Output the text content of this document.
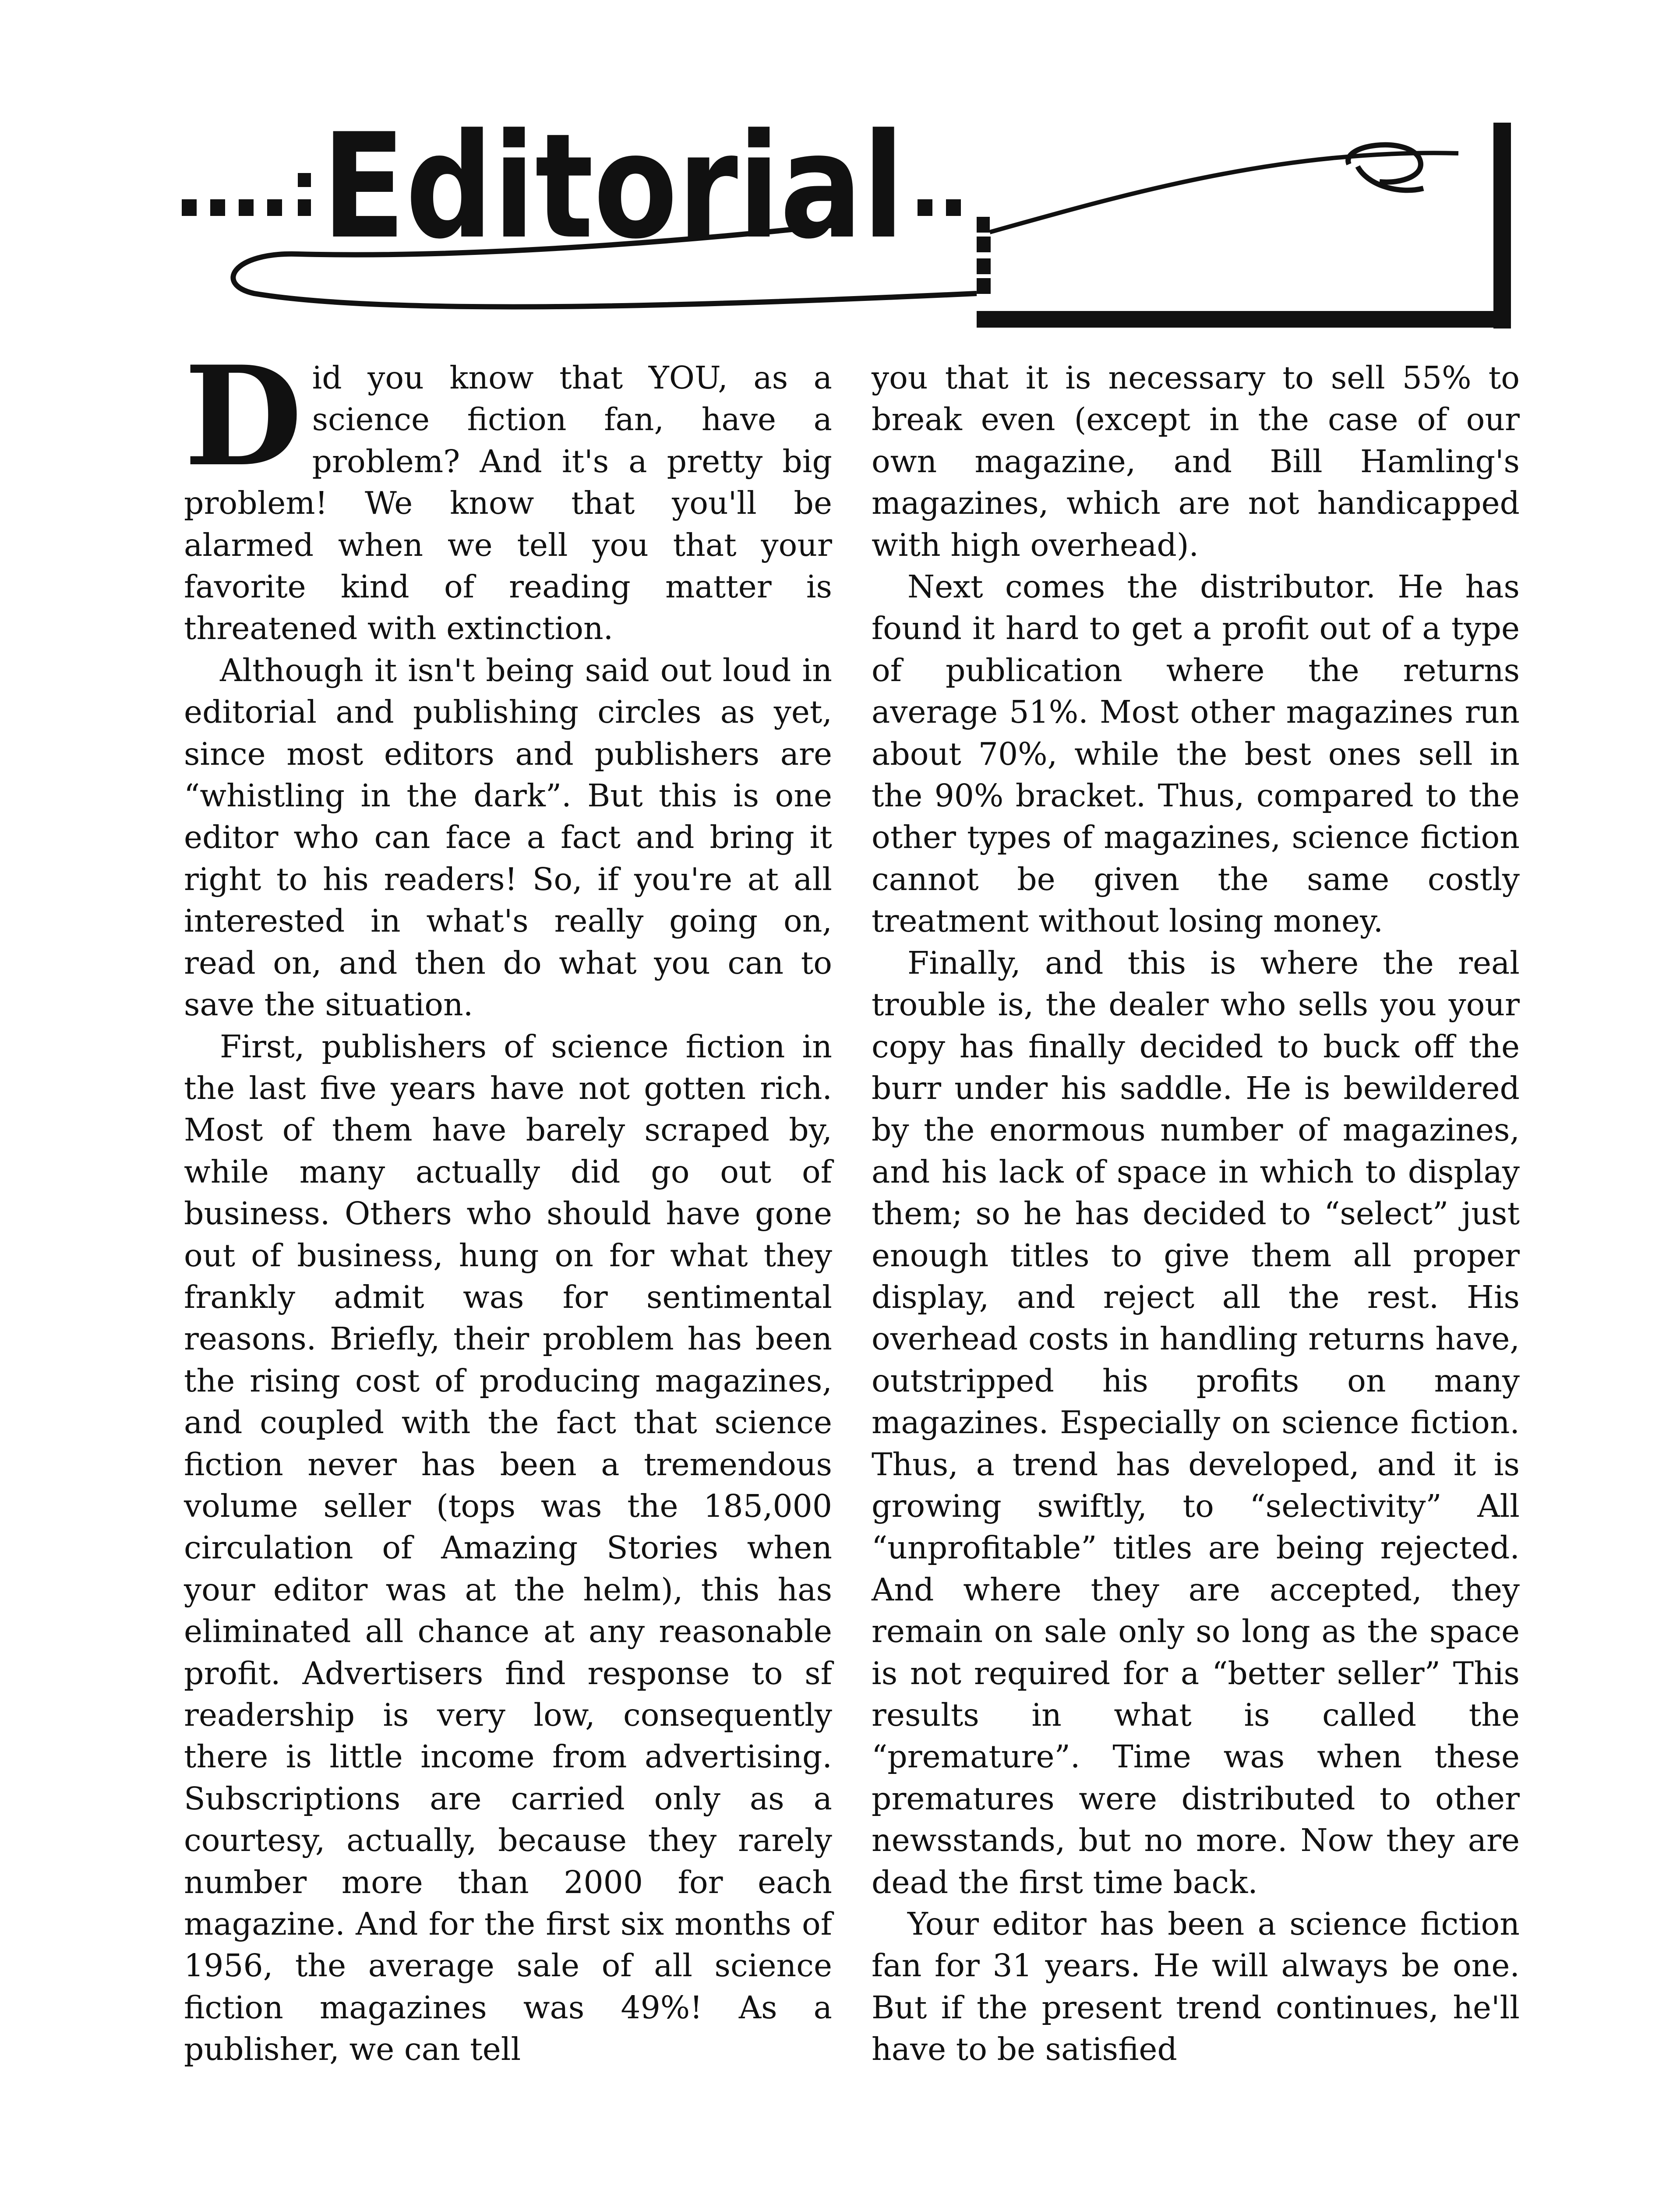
Editorial

Did you know that YOU, as a science fiction fan, have a problem? And it's a pretty big problem! We know that you'll be alarmed when we tell you that your favorite kind of reading matter is threatened with extinction.

Although it isn't being said out loud in editorial and publishing circles as yet, since most editors and publishers are “whistling in the dark”. But this is one editor who can face a fact and bring it right to his readers! So, if you're at all interested in what's really going on, read on, and then do what you can to save the situation.

First, publishers of science fiction in the last five years have not gotten rich. Most of them have barely scraped by, while many actually did go out of business. Others who should have gone out of business, hung on for what they frankly admit was for sentimental reasons. Briefly, their problem has been the rising cost of producing magazines, and coupled with the fact that science fiction never has been a tremendous volume seller (tops was the 185,000 circulation of Amazing Stories when your editor was at the helm), this has eliminated all chance at any reasonable profit. Advertisers find response to sf readership is very low, consequently there is little income from advertising. Subscriptions are carried only as a courtesy, actually, because they rarely number more than 2000 for each magazine. And for the first six months of 1956, the average sale of all science fiction magazines was 49%! As a publisher, we can tell

you that it is necessary to sell 55% to break even (except in the case of our own magazine, and Bill Hamling's magazines, which are not handicapped with high overhead).

Next comes the distributor. He has found it hard to get a profit out of a type of publication where the returns average 51%. Most other magazines run about 70%, while the best ones sell in the 90% bracket. Thus, compared to the other types of magazines, science fiction cannot be given the same costly treatment without losing money.

Finally, and this is where the real trouble is, the dealer who sells you your copy has finally decided to buck off the burr under his saddle. He is bewildered by the enormous number of magazines, and his lack of space in which to display them; so he has decided to “select” just enough titles to give them all proper display, and reject all the rest. His overhead costs in handling returns have, outstripped his profits on many magazines. Especially on science fiction. Thus, a trend has developed, and it is growing swiftly, to “selectivity” All “unprofitable” titles are being rejected. And where they are accepted, they remain on sale only so long as the space is not required for a “better seller” This results in what is called the “premature”. Time was when these prematures were distributed to other newsstands, but no more. Now they are dead the first time back.

Your editor has been a science fiction fan for 31 years. He will always be one. But if the present trend continues, he'll have to be satisfied
